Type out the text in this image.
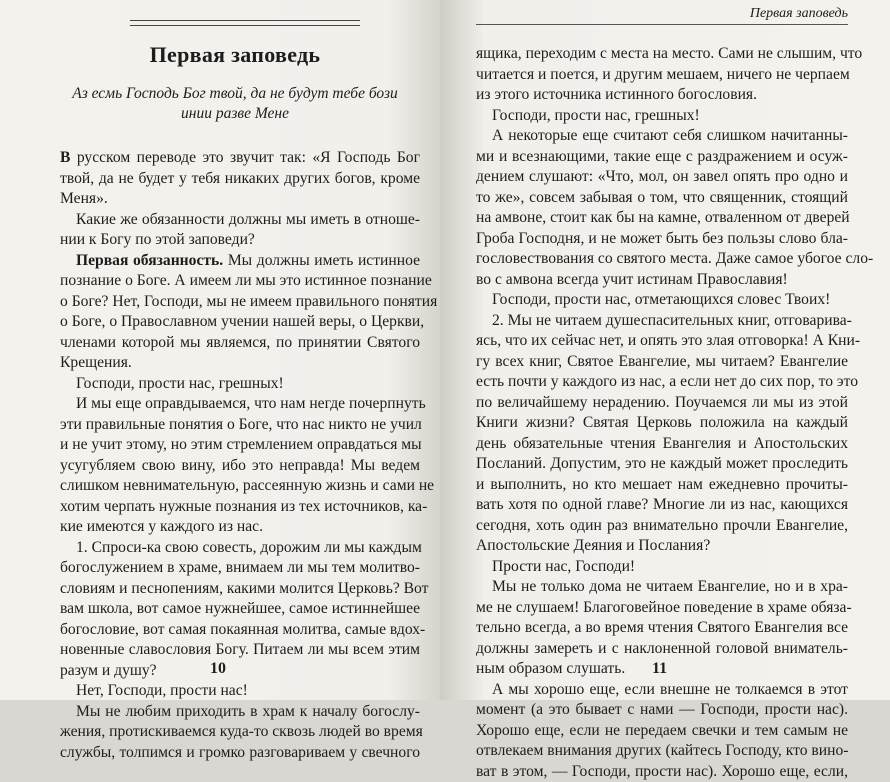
Первая заповедь
Аз есмь Господь Бог твой, да не будут тебе бози
инии разве Мене
В русском переводе это звучит так: «Я Господь Бог
твой, да не будет у тебя никаких других богов, кроме
Меня».
Какие же обязанности должны мы иметь в отноше-
нии к Богу по этой заповеди?
Первая обязанность. Мы должны иметь истинное
познание о Боге. А имеем ли мы это истинное познание
о Боге? Нет, Господи, мы не имеем правильного понятия
о Боге, о Православном учении нашей веры, о Церкви,
членами которой мы являемся, по принятии Святого
Крещения.
Господи, прости нас, грешных!
И мы еще оправдываемся, что нам негде почерпнуть
эти правильные понятия о Боге, что нас никто не учил
и не учит этому, но этим стремлением оправдаться мы
усугубляем свою вину, ибо это неправда! Мы ведем
слишком невнимательную, рассеянную жизнь и сами не
хотим черпать нужные познания из тех источников, ка-
кие имеются у каждого из нас.
1. Спроси-ка свою совесть, дорожим ли мы каждым
богослужением в храме, внимаем ли мы тем молитво-
словиям и песнопениям, какими молится Церковь? Вот
вам школа, вот самое нужнейшее, самое истиннейшее
богословие, вот самая покаянная молитва, самые вдох-
новенные славословия Богу. Питаем ли мы всем этим
разум и душу?
Нет, Господи, прости нас!
Мы не любим приходить в храм к началу богослу-
жения, протискиваемся куда-то сквозь людей во время
службы, толпимся и громко разговариваем у свечного
10
Первая заповедь
ящика, переходим с места на место. Сами не слышим, что
читается и поется, и другим мешаем, ничего не черпаем
из этого источника истинного богословия.
Господи, прости нас, грешных!
А некоторые еще считают себя слишком начитанны-
ми и всезнающими, такие еще с раздражением и осуж-
дением слушают: «Что, мол, он завел опять про одно и
то же», совсем забывая о том, что священник, стоящий
на амвоне, стоит как бы на камне, отваленном от дверей
Гроба Господня, и не может быть без пользы слово бла-
гословествования со святого места. Даже самое убогое сло-
во с амвона всегда учит истинам Православия!
Господи, прости нас, отметающихся словес Твоих!
2. Мы не читаем душеспасительных книг, отговарива-
ясь, что их сейчас нет, и опять это злая отговорка! А Кни-
гу всех книг, Святое Евангелие, мы читаем? Евангелие
есть почти у каждого из нас, а если нет до сих пор, то это
по величайшему нерадению. Поучаемся ли мы из этой
Книги жизни? Святая Церковь положила на каждый
день обязательные чтения Евангелия и Апостольских
Посланий. Допустим, это не каждый может проследить
и выполнить, но кто мешает нам ежедневно прочиты-
вать хотя по одной главе? Многие ли из нас, кающихся
сегодня, хоть один раз внимательно прочли Евангелие,
Апостольские Деяния и Послания?
Прости нас, Господи!
Мы не только дома не читаем Евангелие, но и в хра-
ме не слушаем! Благоговейное поведение в храме обяза-
тельно всегда, а во время чтения Святого Евангелия все
должны замереть и с наклоненной головой вниматель-
ным образом слушать.
А мы хорошо еще, если внешне не толкаемся в этот
момент (а это бывает с нами — Господи, прости нас).
Хорошо еще, если не передаем свечки и тем самым не
отвлекаем внимания других (кайтесь Господу, кто вино-
ват в этом, — Господи, прости нас). Хорошо еще, если,
11
